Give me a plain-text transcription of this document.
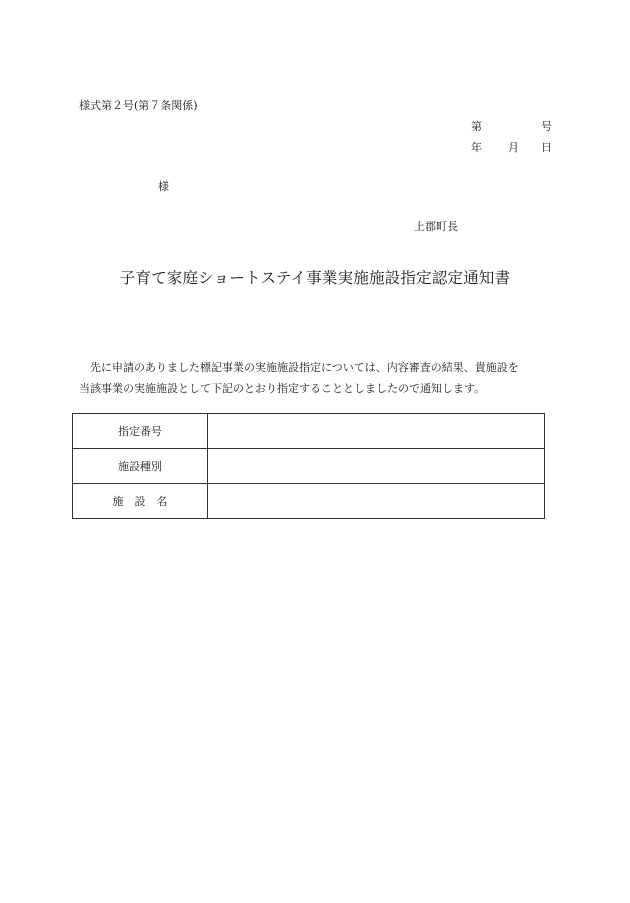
様式第２号(第７条関係)
第	号
年 月 日
様
上郡町長
子育て家庭ショートステイ事業実施施設指定認定通知書

先に申請のありました標記事業の実施施設指定については、内容審査の結果、貴施設を

当該事業の実施施設として下記のとおり指定することとしましたので通知します。

指定番号	
施設種別	
施　設　名	
